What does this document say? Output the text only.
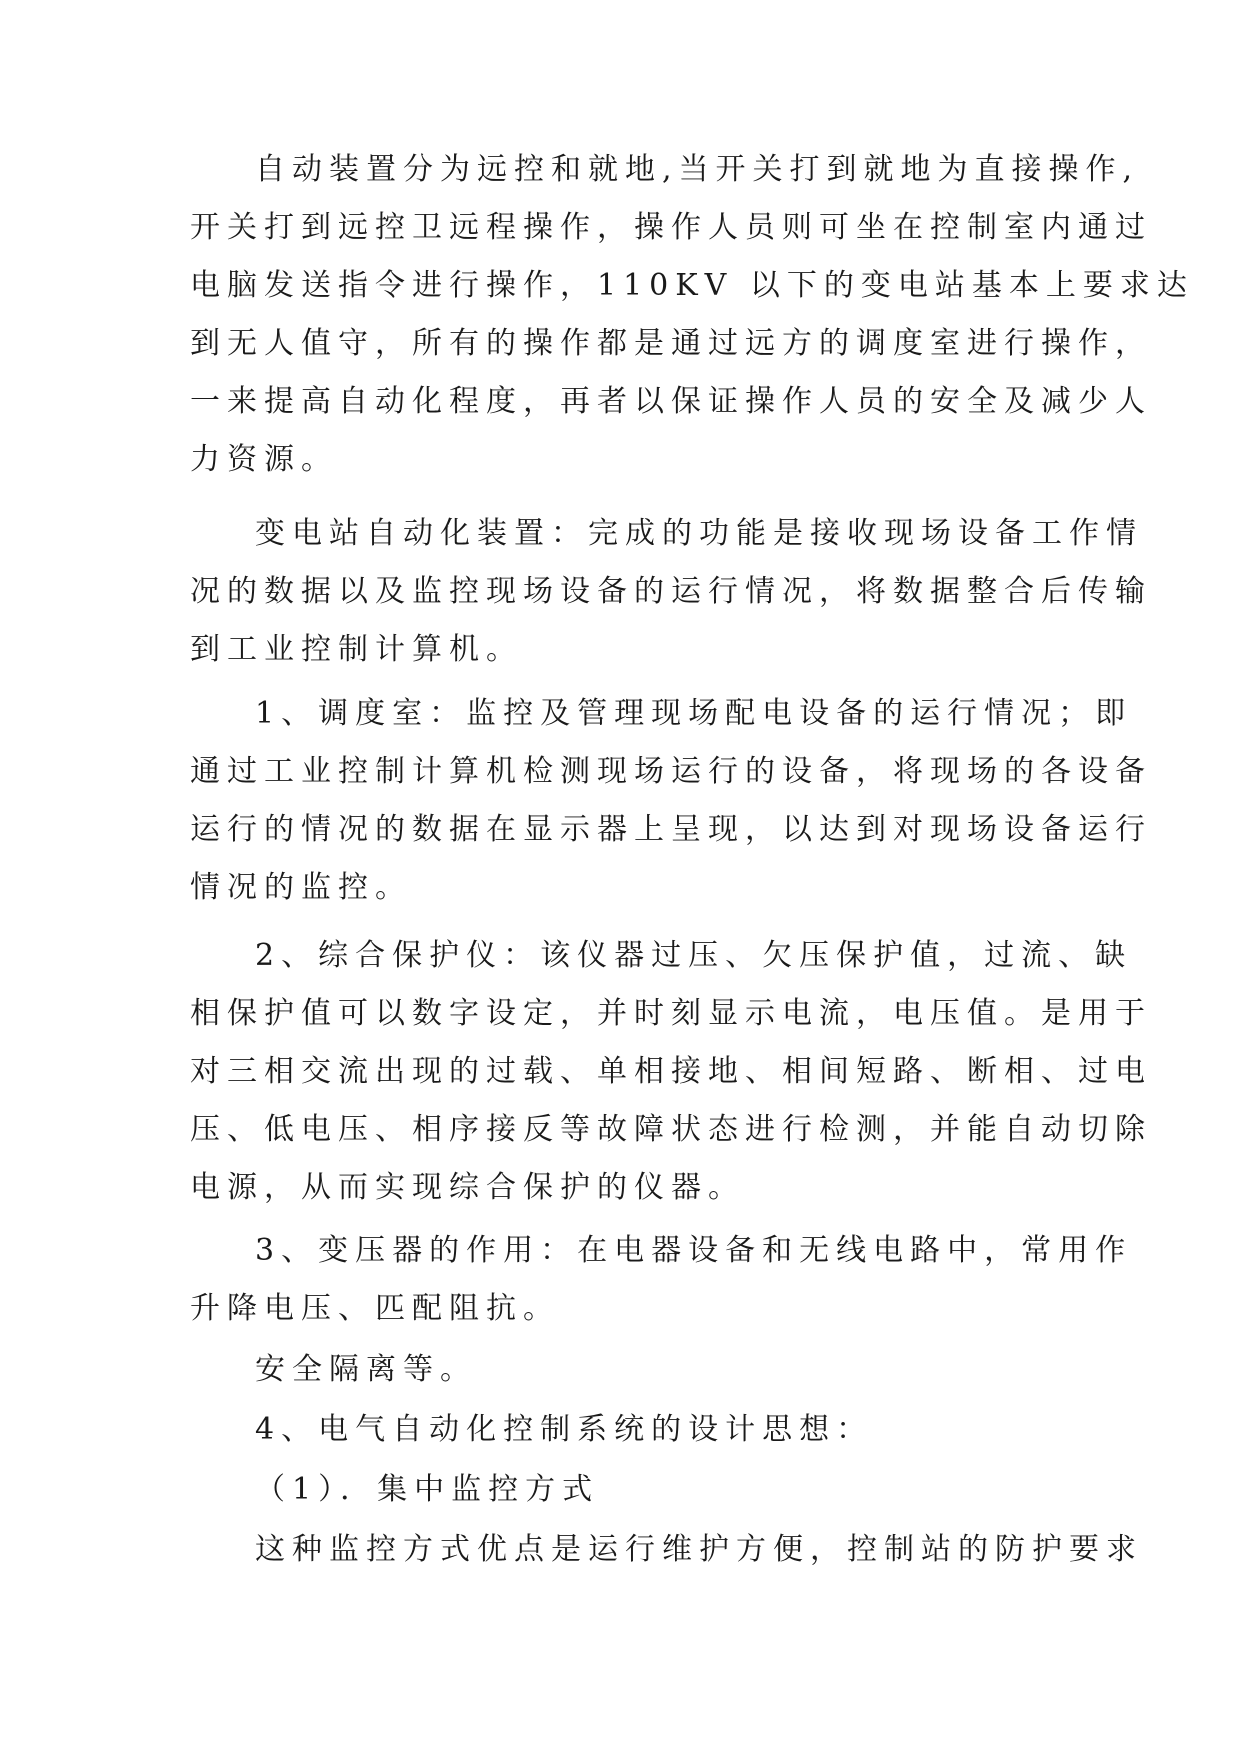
自动装置分为远控和就地,当开关打到就地为直接操作,
开关打到远控卫远程操作，操作人员则可坐在控制室内通过
电脑发送指令进行操作，110KV 以下的变电站基本上要求达
到无人值守，所有的操作都是通过远方的调度室进行操作，
一来提高自动化程度，再者以保证操作人员的安全及减少人
力资源。
变电站自动化装置：完成的功能是接收现场设备工作情
况的数据以及监控现场设备的运行情况，将数据整合后传输
到工业控制计算机。
1、调度室：监控及管理现场配电设备的运行情况；即
通过工业控制计算机检测现场运行的设备，将现场的各设备
运行的情况的数据在显示器上呈现，以达到对现场设备运行
情况的监控。
2、综合保护仪：该仪器过压、欠压保护值，过流、缺
相保护值可以数字设定，并时刻显示电流，电压值。是用于
对三相交流出现的过载、单相接地、相间短路、断相、过电
压、低电压、相序接反等故障状态进行检测，并能自动切除
电源，从而实现综合保护的仪器。
3、变压器的作用：在电器设备和无线电路中，常用作
升降电压、匹配阻抗。
安全隔离等。
4、电气自动化控制系统的设计思想：
（1）．集中监控方式
这种监控方式优点是运行维护方便，控制站的防护要求
